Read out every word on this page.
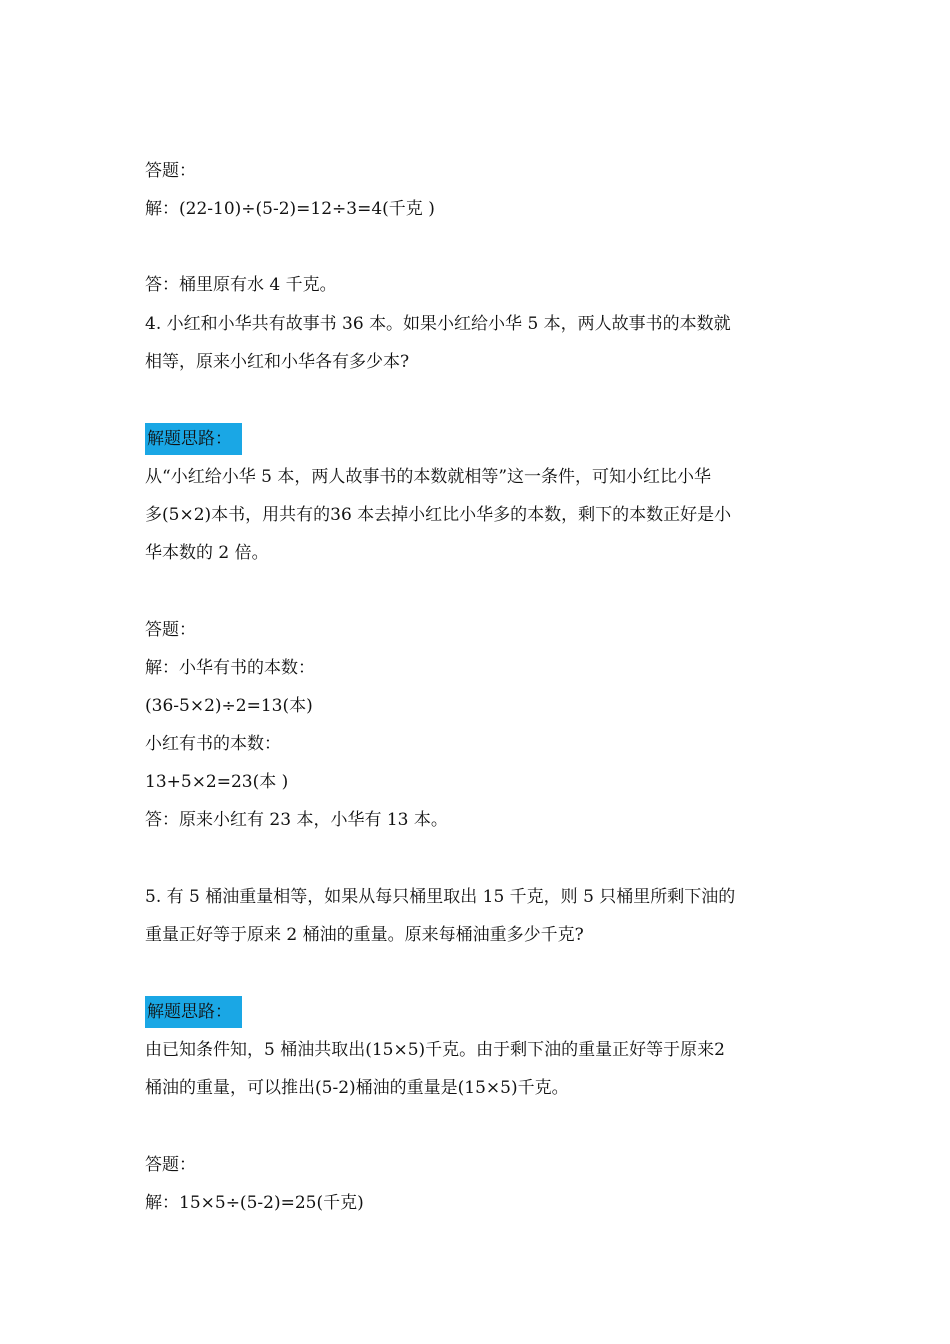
答题：
解：(22-10)÷(5-2)=12÷3=4(千克 )
答：桶里原有水 4 千克。
4. 小红和小华共有故事书 36 本。如果小红给小华 5 本，两人故事书的本数就
相等，原来小红和小华各有多少本?
解题思路：
从“小红给小华 5 本，两人故事书的本数就相等”这一条件，可知小红比小华
多(5×2)本书，用共有的36 本去掉小红比小华多的本数，剩下的本数正好是小
华本数的 2 倍。
答题：
解：小华有书的本数：
(36-5×2)÷2=13(本)
小红有书的本数：
13+5×2=23(本 )
答：原来小红有 23 本，小华有 13 本。
5. 有 5 桶油重量相等，如果从每只桶里取出 15 千克，则 5 只桶里所剩下油的
重量正好等于原来 2 桶油的重量。原来每桶油重多少千克?
解题思路：
由已知条件知，5 桶油共取出(15×5)千克。由于剩下油的重量正好等于原来2
桶油的重量，可以推出(5-2)桶油的重量是(15×5)千克。
答题：
解：15×5÷(5-2)=25(千克)
